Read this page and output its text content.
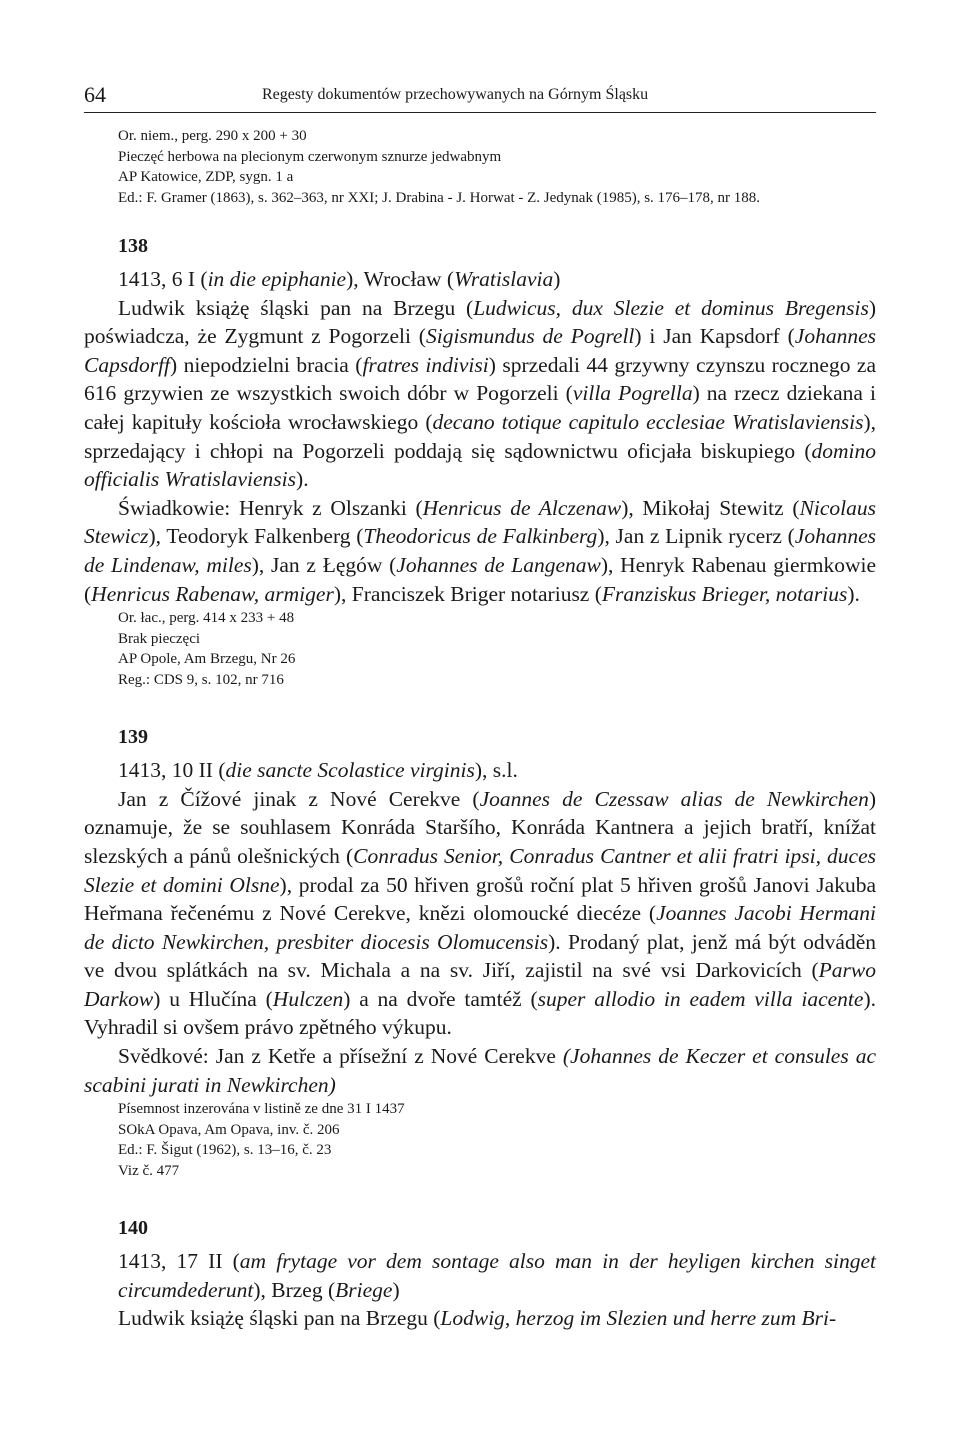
64	Regesty dokumentów przechowywanych na Górnym Śląsku

Or. niem., perg. 290 x 200 + 30

Pieczęć herbowa na plecionym czerwonym sznurze jedwabnym

AP Katowice, ZDP, sygn. 1 a

Ed.: F. Gramer (1863), s. 362–363, nr XXI; J. Drabina - J. Horwat - Z. Jedynak (1985), s. 176–178, nr 188.

138

1413, 6 I (in die epiphanie), Wrocław (Wratislavia)

Ludwik książę śląski pan na Brzegu (Ludwicus, dux Slezie et dominus Bregensis) poświadcza, że Zygmunt z Pogorzeli (Sigismundus de Pogrell) i Jan Kapsdorf (Johannes Capsdorff) niepodzielni bracia (fratres indivisi) sprzedali 44 grzywny czynszu rocznego za 616 grzywien ze wszystkich swoich dóbr w Pogorzeli (villa Pogrella) na rzecz dziekana i całej kapituły kościoła wrocławskiego (decano totique capitulo ecclesiae Wratislaviensis), sprzedający i chłopi na Pogorzeli poddają się sądownictwu oficjała biskupiego (domino officialis Wratislaviensis).

Świadkowie: Henryk z Olszanki (Henricus de Alczenaw), Mikołaj Stewitz (Nicolaus Stewicz), Teodoryk Falkenberg (Theodoricus de Falkinberg), Jan z Lipnik rycerz (Johannes de Lindenaw, miles), Jan z Łęgów (Johannes de Langenaw), Henryk Rabenau giermkowie (Henricus Rabenaw, armiger), Franciszek Briger notariusz (Franziskus Brieger, notarius).

Or. łac., perg. 414 x 233 + 48

Brak pieczęci

AP Opole, Am Brzegu, Nr 26

Reg.: CDS 9, s. 102, nr 716

139

1413, 10 II (die sancte Scolastice virginis), s.l.

Jan z Čížové jinak z Nové Cerekve (Joannes de Czessaw alias de Newkirchen) oznamuje, že se souhlasem Konráda Staršího, Konráda Kantnera a jejich bratří, knížat slezských a pánů olešnických (Conradus Senior, Conradus Cantner et alii fratri ipsi, duces Slezie et domini Olsne), prodal za 50 hřiven grošů roční plat 5 hřiven grošů Janovi Jakuba Heřmana řečenému z Nové Cerekve, knězi olomoucké diecéze (Joannes Jacobi Hermani de dicto Newkirchen, presbiter diocesis Olomucensis). Prodaný plat, jenž má být odváděn ve dvou splátkách na sv. Michala a na sv. Jiří, zajistil na své vsi Darkovicích (Parwo Darkow) u Hlučína (Hulczen) a na dvoře tamtéž (super allodio in eadem villa iacente). Vyhradil si ovšem právo zpětného výkupu.

Svědkové: Jan z Ketře a přísežní z Nové Cerekve (Johannes de Keczer et consules ac scabini jurati in Newkirchen)

Písemnost inzerována v listině ze dne 31 I 1437

SOkA Opava, Am Opava, inv. č. 206

Ed.: F. Šigut (1962), s. 13–16, č. 23

Viz č. 477

140

1413, 17 II (am frytage vor dem sontage also man in der heyligen kirchen singet circumdederunt), Brzeg (Briege)

Ludwik książę śląski pan na Brzegu (Lodwig, herzog im Slezien und herre zum Bri-
